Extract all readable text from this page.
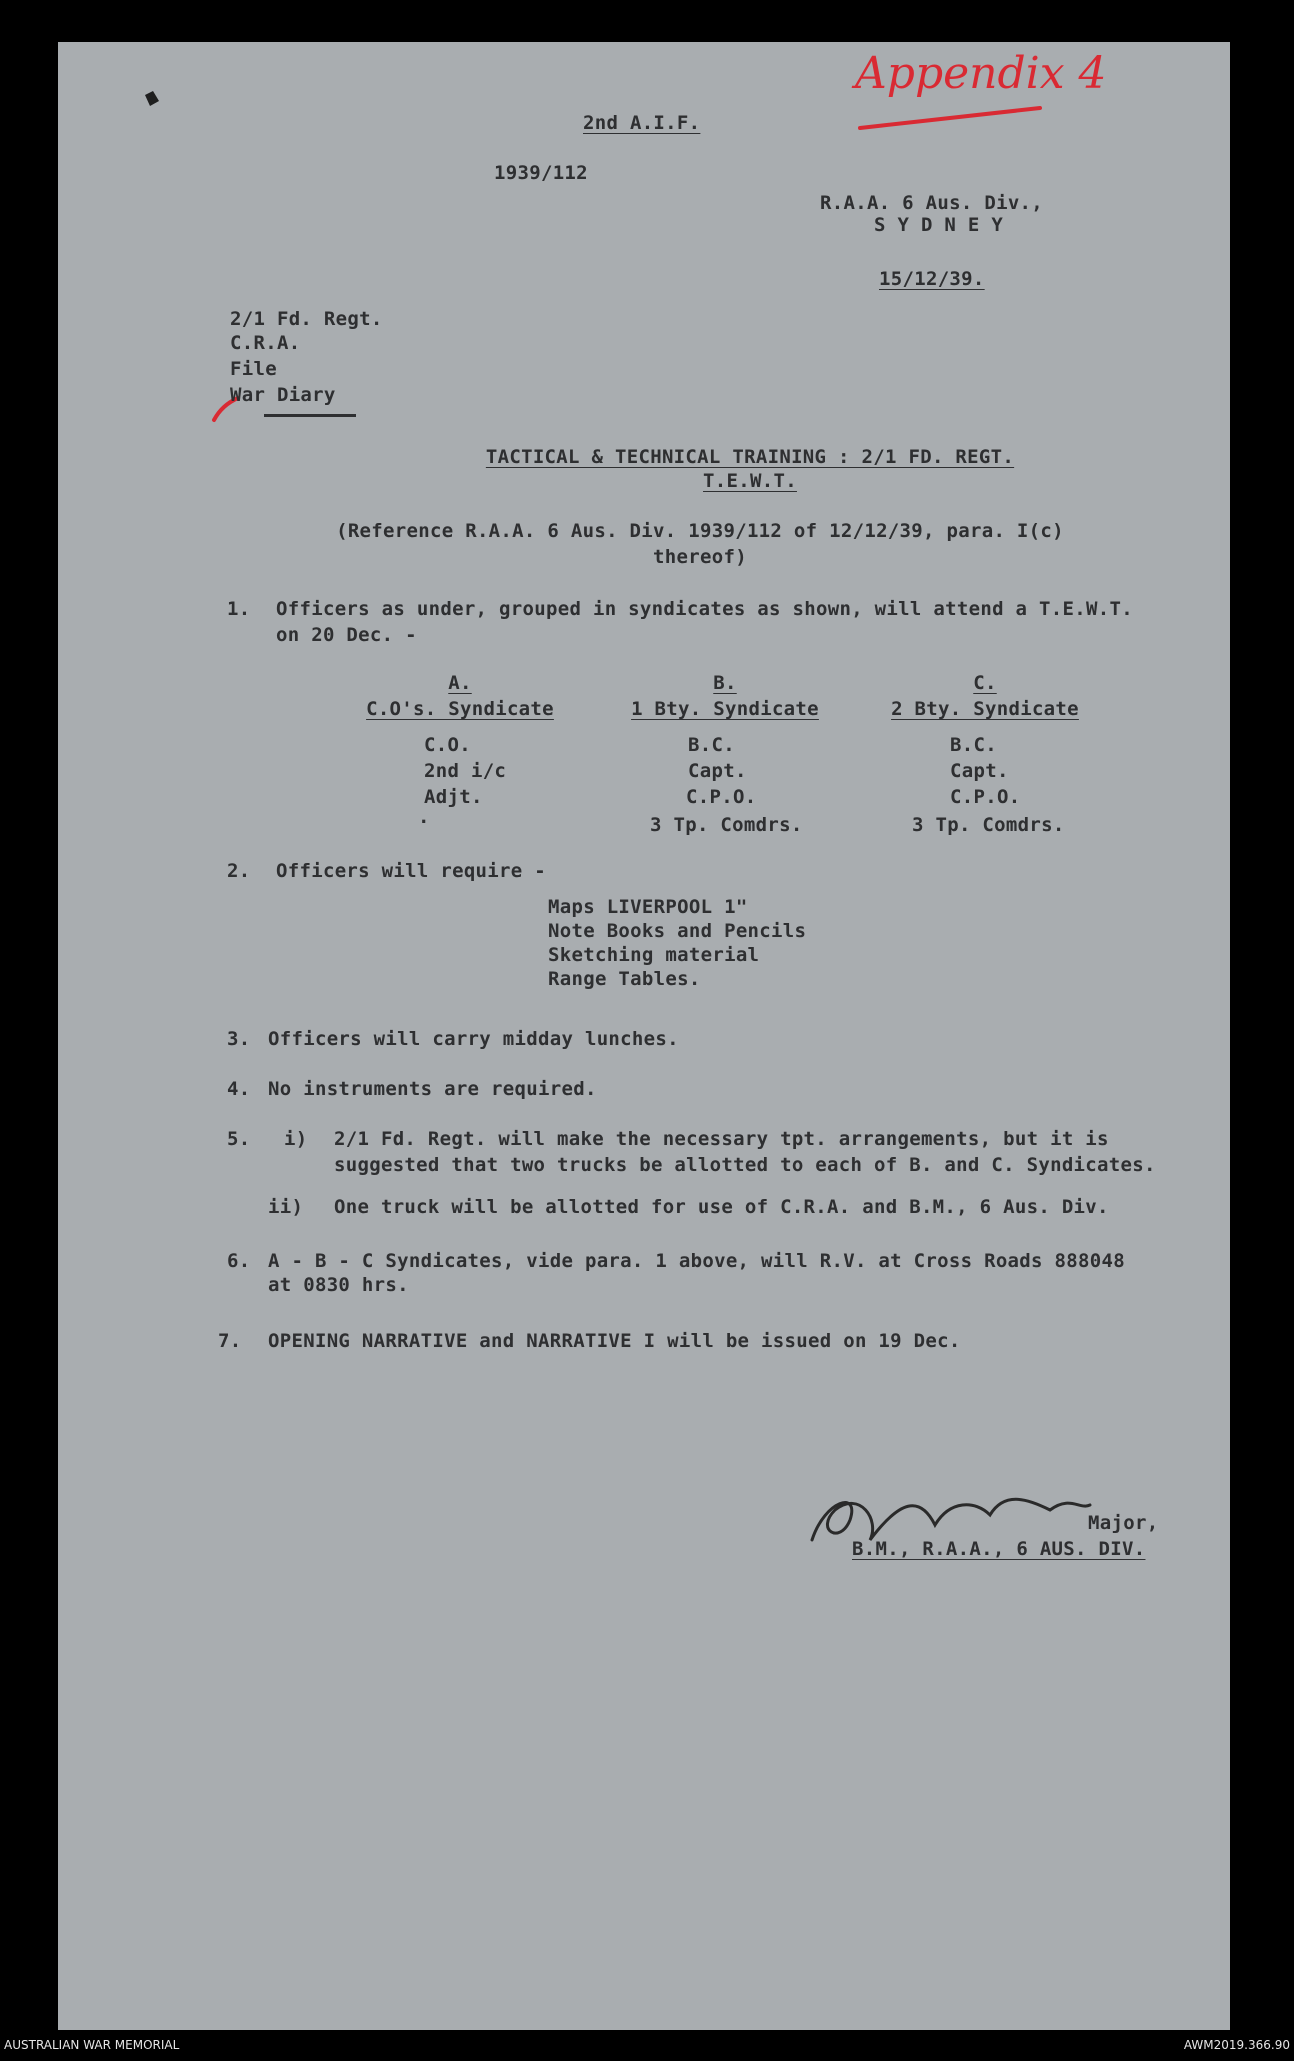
Appendix 4
2nd A.I.F.
1939/112
R.A.A. 6 Aus. Div.,
S Y D N E Y
15/12/39.
2/1 Fd. Regt.
C.R.A.
File
War Diary
TACTICAL & TECHNICAL TRAINING : 2/1 FD. REGT.
T.E.W.T.
(Reference R.A.A. 6 Aus. Div. 1939/112 of 12/12/39, para. I(c)
thereof)
1. Officers as under, grouped in syndicates as shown, will attend a T.E.W.T.
on 20 Dec. -
A.
C.O's. Syndicate
C.O.
2nd i/c
Adjt.
.
B.
1 Bty. Syndicate
B.C.
Capt.
C.P.O.
3 Tp. Comdrs.
C.
2 Bty. Syndicate
B.C.
Capt.
C.P.O.
3 Tp. Comdrs.
2. Officers will require -
Maps LIVERPOOL 1"
Note Books and Pencils
Sketching material
Range Tables.
3. Officers will carry midday lunches.
4. No instruments are required.
5. i) 2/1 Fd. Regt. will make the necessary tpt. arrangements, but it is
suggested that two trucks be allotted to each of B. and C. Syndicates.
ii) One truck will be allotted for use of C.R.A. and B.M., 6 Aus. Div.
6. A - B - C Syndicates, vide para. 1 above, will R.V. at Cross Roads 888048
at 0830 hrs.
7. OPENING NARRATIVE and NARRATIVE I will be issued on 19 Dec.
Major,
B.M., R.A.A., 6 AUS. DIV.
AUSTRALIAN WAR MEMORIAL	AWM2019.366.90
